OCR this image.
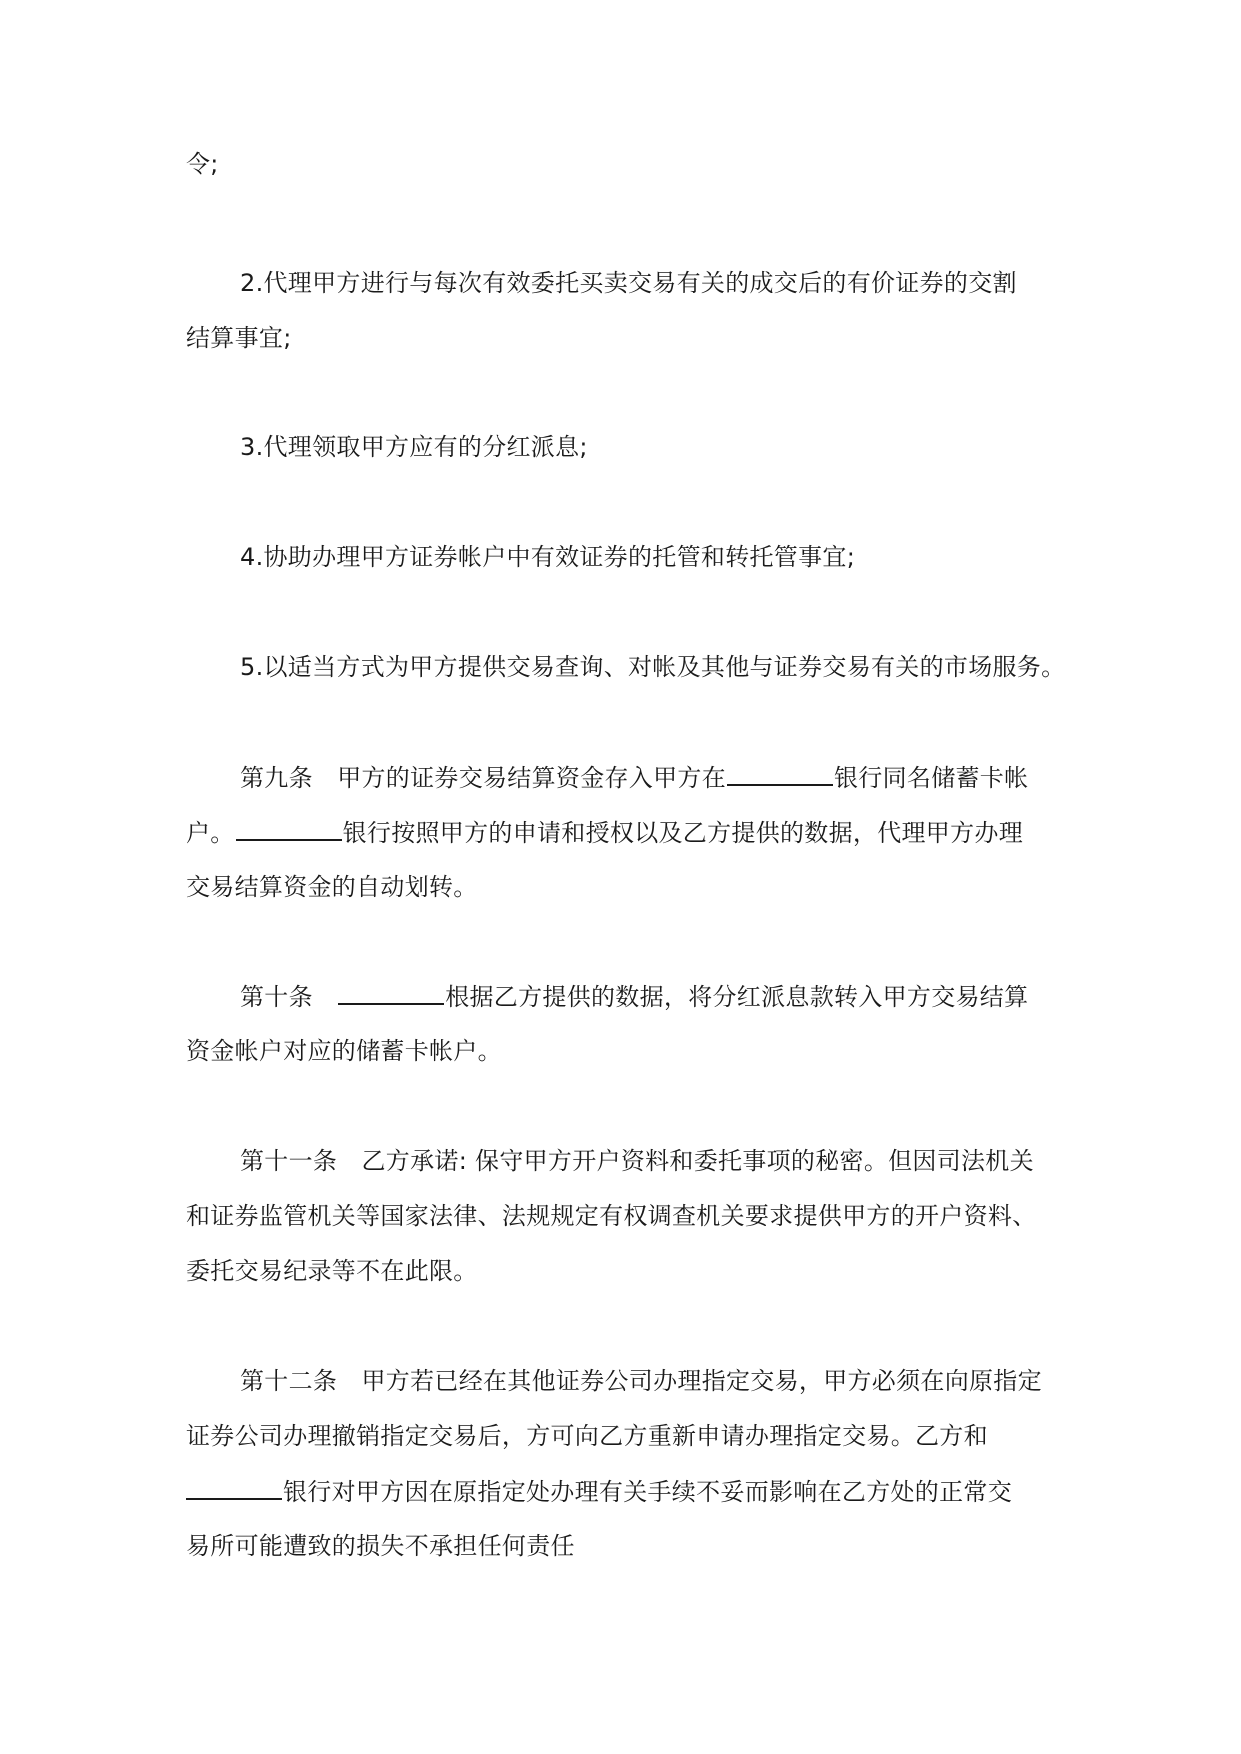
令;
2.代理甲方进行与每次有效委托买卖交易有关的成交后的有价证券的交割
结算事宜;
3.代理领取甲方应有的分红派息;
4.协助办理甲方证券帐户中有效证券的托管和转托管事宜;
5.以适当方式为甲方提供交易查询、对帐及其他与证券交易有关的市场服务。
第九条　甲方的证券交易结算资金存入甲方在	银行同名储蓄卡帐
户。	银行按照甲方的申请和授权以及乙方提供的数据，代理甲方办理
交易结算资金的自动划转。
第十条　	根据乙方提供的数据，将分红派息款转入甲方交易结算
资金帐户对应的储蓄卡帐户。
第十一条　乙方承诺: 保守甲方开户资料和委托事项的秘密。但因司法机关
和证券监管机关等国家法律、法规规定有权调查机关要求提供甲方的开户资料、
委托交易纪录等不在此限。
第十二条　甲方若已经在其他证券公司办理指定交易，甲方必须在向原指定
证券公司办理撤销指定交易后，方可向乙方重新申请办理指定交易。乙方和
银行对甲方因在原指定处办理有关手续不妥而影响在乙方处的正常交
易所可能遭致的损失不承担任何责任
